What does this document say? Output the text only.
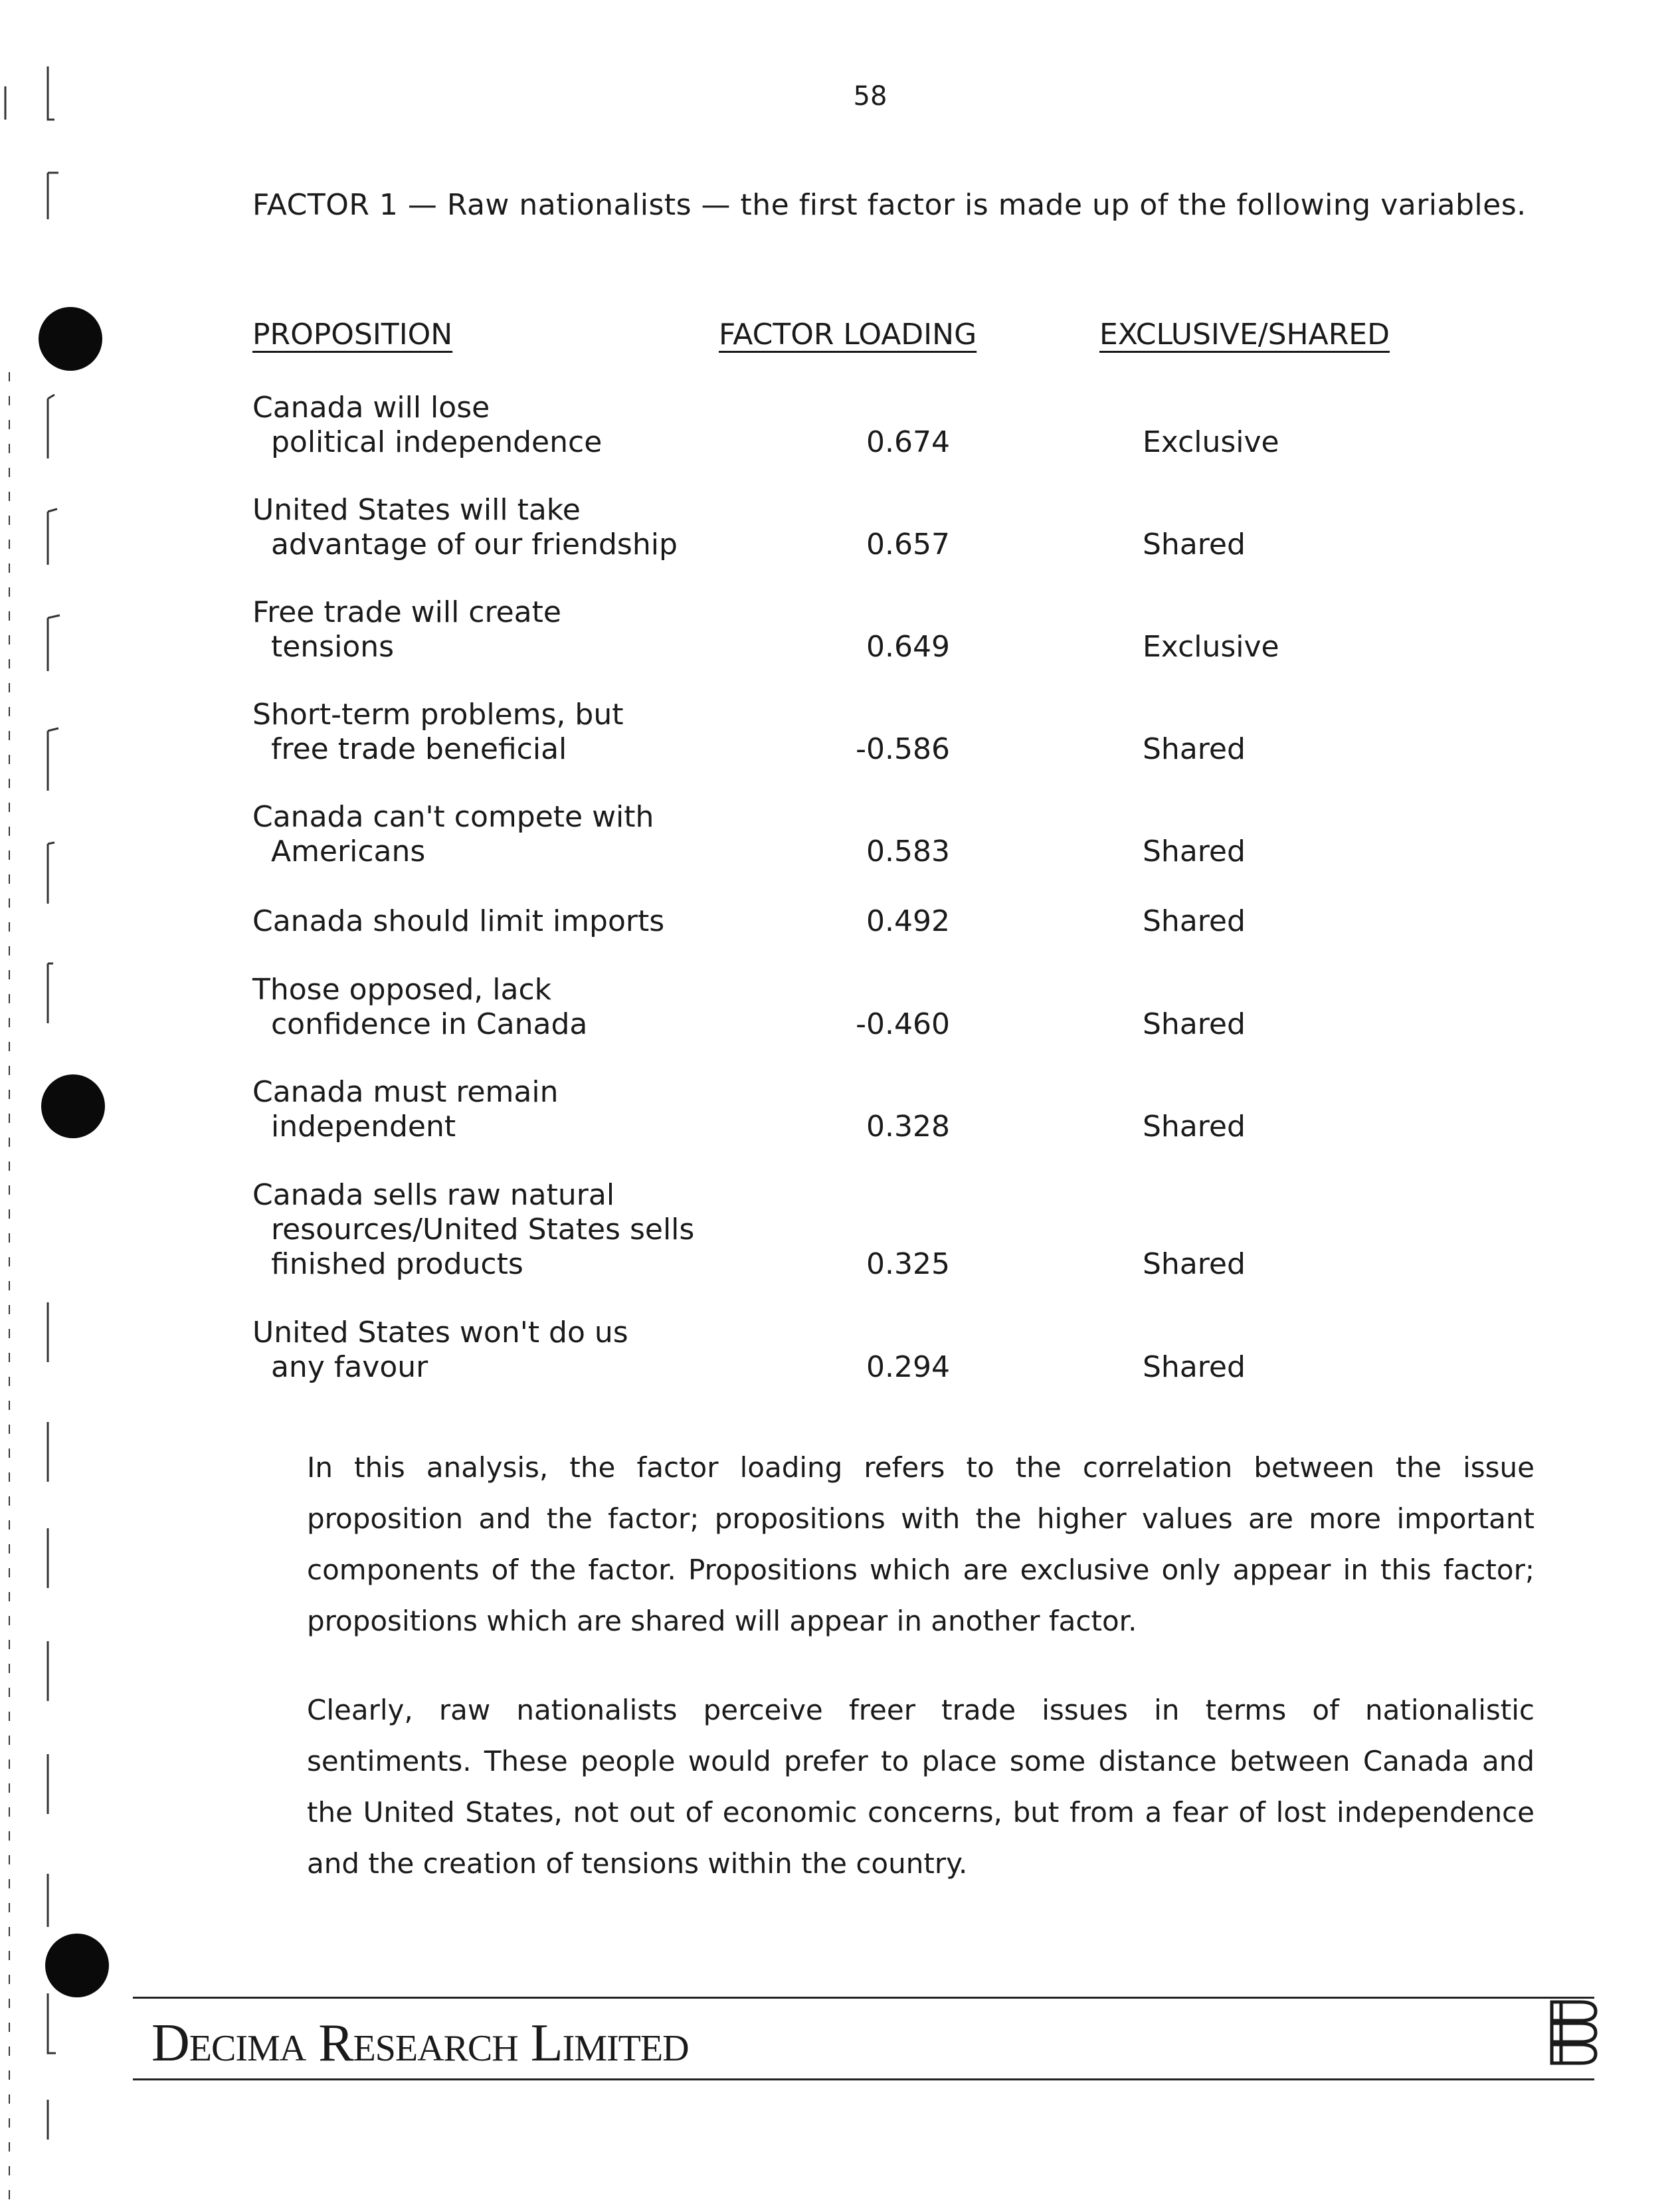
58
FACTOR 1 — Raw nationalists — the first factor is made up of the following variables.
PROPOSITION	FACTOR LOADING	EXCLUSIVE/SHARED
Canada will lose
political independence	0.674	Exclusive
United States will take
advantage of our friendship	0.657	Shared
Free trade will create
tensions	0.649	Exclusive
Short-term problems, but
free trade beneficial	-0.586	Shared
Canada can't compete with
Americans	0.583	Shared
Canada should limit imports	0.492	Shared
Those opposed, lack
confidence in Canada	-0.460	Shared
Canada must remain
independent	0.328	Shared
Canada sells raw natural
resources/United States sells
finished products	0.325	Shared
United States won't do us
any favour	0.294	Shared
In this analysis, the factor loading refers to the correlation between the issue proposition and the factor; propositions with the higher values are more important components of the factor. Propositions which are exclusive only appear in this factor; propositions which are shared will appear in another factor.
Clearly, raw nationalists perceive freer trade issues in terms of nationalistic sentiments. These people would prefer to place some distance between Canada and the United States, not out of economic concerns, but from a fear of lost independence and the creation of tensions within the country.
Decima Research Limited
